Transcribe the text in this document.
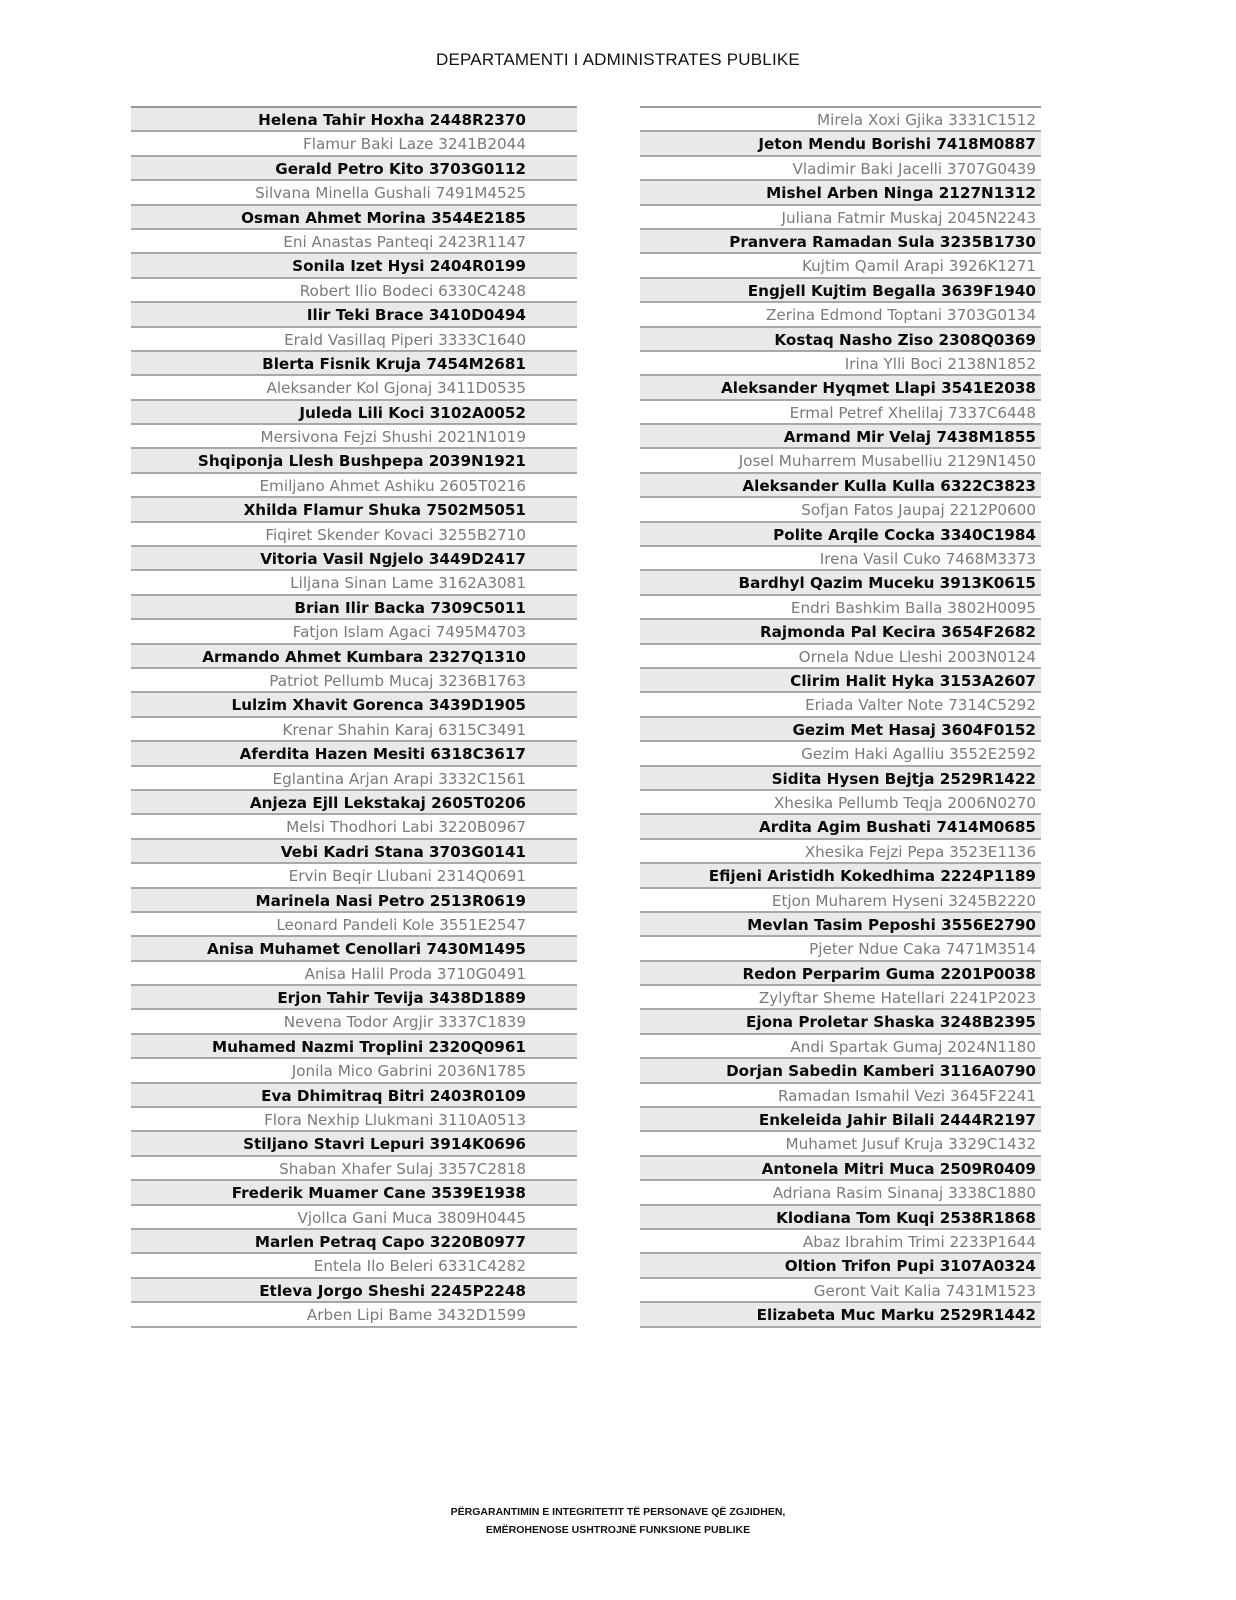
DEPARTAMENTI I ADMINISTRATES PUBLIKE
Helena Tahir Hoxha 2448R2370
Flamur Baki Laze 3241B2044
Gerald Petro Kito 3703G0112
Silvana Minella Gushali 7491M4525
Osman Ahmet Morina 3544E2185
Eni Anastas Panteqi 2423R1147
Sonila Izet Hysi 2404R0199
Robert Ilio Bodeci 6330C4248
Ilir Teki Brace 3410D0494
Erald Vasillaq Piperi 3333C1640
Blerta Fisnik Kruja 7454M2681
Aleksander Kol Gjonaj 3411D0535
Juleda Lili Koci 3102A0052
Mersivona Fejzi Shushi 2021N1019
Shqiponja Llesh Bushpepa 2039N1921
Emiljano Ahmet Ashiku 2605T0216
Xhilda Flamur Shuka 7502M5051
Fiqiret Skender Kovaci 3255B2710
Vitoria Vasil Ngjelo 3449D2417
Liljana Sinan Lame 3162A3081
Brian Ilir Backa 7309C5011
Fatjon Islam Agaci 7495M4703
Armando Ahmet Kumbara 2327Q1310
Patriot Pellumb Mucaj 3236B1763
Lulzim Xhavit Gorenca 3439D1905
Krenar Shahin Karaj 6315C3491
Aferdita Hazen Mesiti 6318C3617
Eglantina Arjan Arapi 3332C1561
Anjeza Ejll Lekstakaj 2605T0206
Melsi Thodhori Labi 3220B0967
Vebi Kadri Stana 3703G0141
Ervin Beqir Llubani 2314Q0691
Marinela Nasi Petro 2513R0619
Leonard Pandeli Kole 3551E2547
Anisa Muhamet Cenollari 7430M1495
Anisa Halil Proda 3710G0491
Erjon Tahir Tevija 3438D1889
Nevena Todor Argjir 3337C1839
Muhamed Nazmi Troplini 2320Q0961
Jonila Mico Gabrini 2036N1785
Eva Dhimitraq Bitri 2403R0109
Flora Nexhip Llukmani 3110A0513
Stiljano Stavri Lepuri 3914K0696
Shaban Xhafer Sulaj 3357C2818
Frederik Muamer Cane 3539E1938
Vjollca Gani Muca 3809H0445
Marlen Petraq Capo 3220B0977
Entela Ilo Beleri 6331C4282
Etleva Jorgo Sheshi 2245P2248
Arben Lipi Bame 3432D1599
Mirela Xoxi Gjika 3331C1512
Jeton Mendu Borishi 7418M0887
Vladimir Baki Jacelli 3707G0439
Mishel Arben Ninga 2127N1312
Juliana Fatmir Muskaj 2045N2243
Pranvera Ramadan Sula 3235B1730
Kujtim Qamil Arapi 3926K1271
Engjell Kujtim Begalla 3639F1940
Zerina Edmond Toptani 3703G0134
Kostaq Nasho Ziso 2308Q0369
Irina Ylli Boci 2138N1852
Aleksander Hyqmet Llapi 3541E2038
Ermal Petref Xhelilaj 7337C6448
Armand Mir Velaj 7438M1855
Josel Muharrem Musabelliu 2129N1450
Aleksander Kulla Kulla 6322C3823
Sofjan Fatos Jaupaj 2212P0600
Polite Arqile Cocka 3340C1984
Irena Vasil Cuko 7468M3373
Bardhyl Qazim Muceku 3913K0615
Endri Bashkim Balla 3802H0095
Rajmonda Pal Kecira 3654F2682
Ornela Ndue Lleshi 2003N0124
Clirim Halit Hyka 3153A2607
Eriada Valter Note 7314C5292
Gezim Met Hasaj 3604F0152
Gezim Haki Agalliu 3552E2592
Sidita Hysen Bejtja 2529R1422
Xhesika Pellumb Teqja 2006N0270
Ardita Agim Bushati 7414M0685
Xhesika Fejzi Pepa 3523E1136
Efijeni Aristidh Kokedhima 2224P1189
Etjon Muharem Hyseni 3245B2220
Mevlan Tasim Peposhi 3556E2790
Pjeter Ndue Caka 7471M3514
Redon Perparim Guma 2201P0038
Zylyftar Sheme Hatellari 2241P2023
Ejona Proletar Shaska 3248B2395
Andi Spartak Gumaj 2024N1180
Dorjan Sabedin Kamberi 3116A0790
Ramadan Ismahil Vezi 3645F2241
Enkeleida Jahir Bilali 2444R2197
Muhamet Jusuf Kruja 3329C1432
Antonela Mitri Muca 2509R0409
Adriana Rasim Sinanaj 3338C1880
Klodiana Tom Kuqi 2538R1868
Abaz Ibrahim Trimi 2233P1644
Oltion Trifon Pupi 3107A0324
Geront Vait Kalia 7431M1523
Elizabeta Muc Marku 2529R1442
PËRGARANTIMIN E INTEGRITETIT TË PERSONAVE QË ZGJIDHEN,
EMËROHENOSE USHTROJNË FUNKSIONE PUBLIKE
